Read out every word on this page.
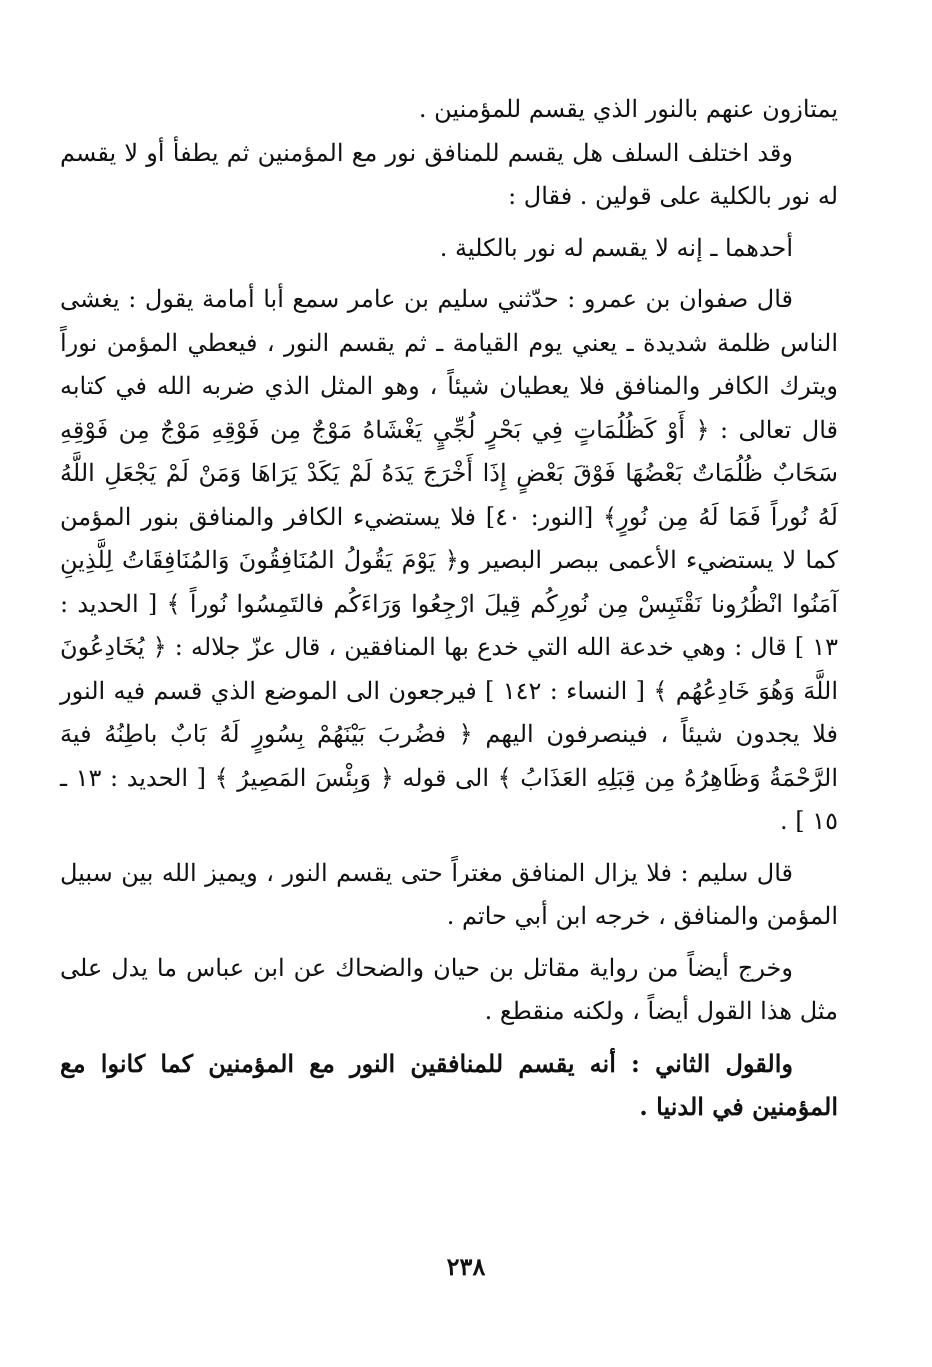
يمتازون عنهم بالنور الذي يقسم للمؤمنين .

وقد اختلف السلف هل يقسم للمنافق نور مع المؤمنين ثم يطفأ أو لا يقسم له نور بالكلية على قولين . فقال :

أحدهما ـ إنه لا يقسم له نور بالكلية .

قال صفوان بن عمرو : حدّثني سليم بن عامر سمع أبا أمامة يقول : يغشى الناس ظلمة شديدة ـ يعني يوم القيامة ـ ثم يقسم النور ، فيعطي المؤمن نوراً ويترك الكافر والمنافق فلا يعطيان شيئاً ، وهو المثل الذي ضربه الله في كتابه قال تعالى : ﴿ أَوْ كَظُلُمَاتٍ فِي بَحْرٍ لُجِّيٍ يَغْشَاهُ مَوْجٌ مِن فَوْقِهِ مَوْجٌ مِن فَوْقِهِ سَحَابٌ ظُلُمَاتٌ بَعْضُهَا فَوْقَ بَعْضٍ إِذَا أَخْرَجَ يَدَهُ لَمْ يَكَدْ يَرَاهَا وَمَنْ لَمْ يَجْعَلِ اللَّهُ لَهُ نُوراً فَمَا لَهُ مِن نُورٍ﴾ [النور: ٤٠] فلا يستضيء الكافر والمنافق بنور المؤمن كما لا يستضيء الأعمى ببصر البصير و﴿ يَوْمَ يَقُولُ المُنَافِقُونَ وَالمُنَافِقَاتُ لِلَّذِينِ آمَنُوا انْظُرُونا نَقْتَبِسْ مِن نُورِكُم قِيلَ ارْجِعُوا وَرَاءَكُم فالتَمِسُوا نُوراً ﴾ [ الحديد : ١٣ ] قال : وهي خدعة الله التي خدع بها المنافقين ، قال عزّ جلاله : ﴿ يُخَادِعُونَ اللَّهَ وَهُوَ خَادِعُهُم ﴾ [ النساء : ١٤٢ ] فيرجعون الى الموضع الذي قسم فيه النور فلا يجدون شيئاً ، فينصرفون اليهم ﴿ فضُربَ بَيْنَهُمْ بِسُورٍ لَهُ بَابٌ باطِنُهُ فيهَ الرَّحْمَةُ وَظَاهِرُهُ مِن قِبَلِهِ العَذَابُ ﴾ الى قوله ﴿ وَبِئْسَ المَصِيرُ ﴾ [ الحديد : ١٣ ـ ١٥ ] .

قال سليم : فلا يزال المنافق مغتراً حتى يقسم النور ، ويميز الله بين سبيل المؤمن والمنافق ، خرجه ابن أبي حاتم .

وخرج أيضاً من رواية مقاتل بن حيان والضحاك عن ابن عباس ما يدل على مثل هذا القول أيضاً ، ولكنه منقطع .

والقول الثاني : أنه يقسم للمنافقين النور مع المؤمنين كما كانوا مع المؤمنين في الدنيا .

٢٣٨
